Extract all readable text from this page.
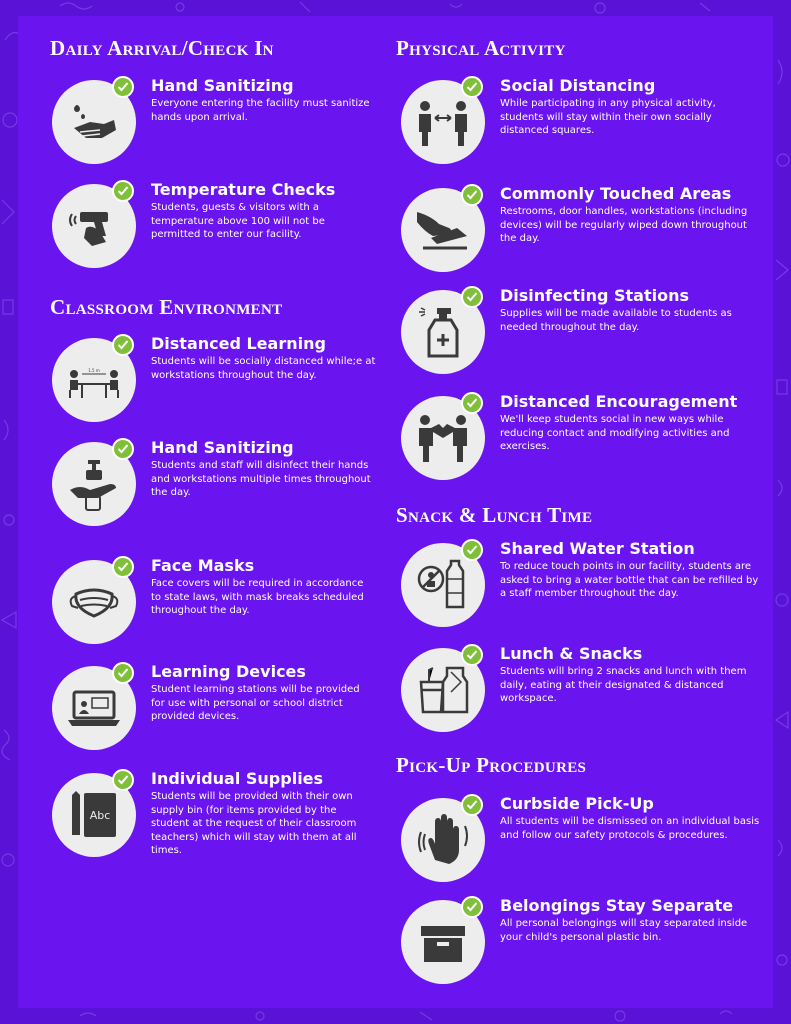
Daily Arrival/Check In
Hand Sanitizing
Everyone entering the facility must sanitize hands upon arrival.
Temperature Checks
Students, guests & visitors with a temperature above 100 will not be permitted to enter our facility.
Classroom Environment
1.5 m
Distanced Learning
Students will be socially distanced while;e at workstations throughout the day.
Hand Sanitizing
Students and staff will disinfect their hands and workstations multiple times throughout the day.
Face Masks
Face covers will be required in accordance to state laws, with mask breaks scheduled throughout the day.
Learning Devices
Student learning stations will be provided for use with personal or school district provided devices.
Abc
Individual Supplies
Students will be provided with their own supply bin (for items provided by the student at the request of their classroom teachers) which will stay with them at all times.
Physical Activity
Social Distancing
While participating in any physical activity, students will stay within their own socially distanced squares.
Commonly Touched Areas
Restrooms, door handles, workstations (including devices) will be regularly wiped down throughout the day.
Disinfecting Stations
Supplies will be made available to students as needed throughout the day.
Distanced Encouragement
We'll keep students social in new ways while reducing contact and modifying activities and exercises.
Snack & Lunch Time
Shared Water Station
To reduce touch points in our facility, students are asked to bring a water bottle that can be refilled by a staff member throughout the day.
Lunch & Snacks
Students will bring 2 snacks and lunch with them daily, eating at their designated & distanced workspace.
Pick-Up Procedures
Curbside Pick-Up
All students will be dismissed on an individual basis and follow our safety protocols & procedures.
Belongings Stay Separate
All personal belongings will stay separated inside your child's personal plastic bin.
